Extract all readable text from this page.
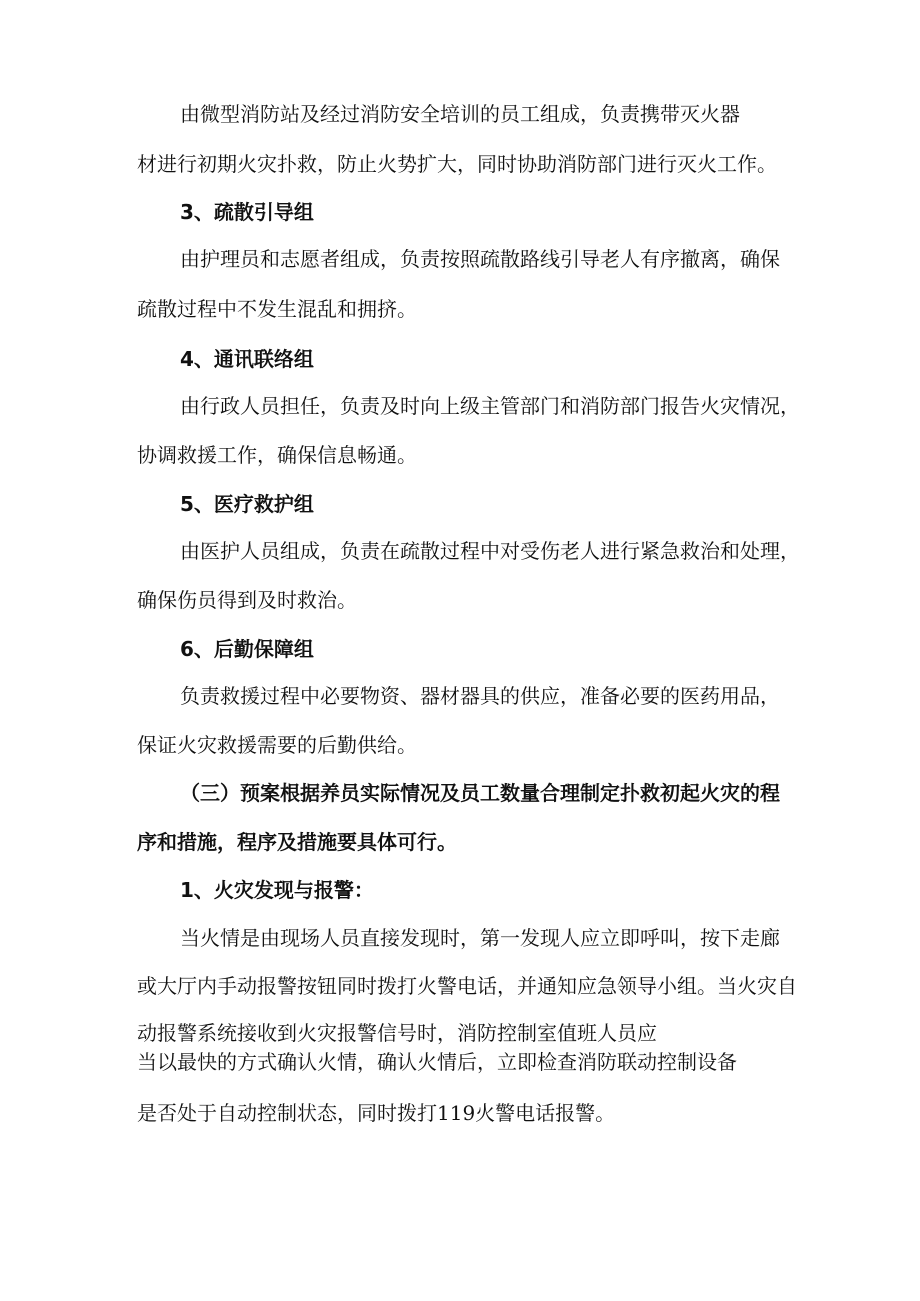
由微型消防站及经过消防安全培训的员工组成，负责携带灭火器
材进行初期火灾扑救，防止火势扩大，同时协助消防部门进行灭火工作。
3、疏散引导组
由护理员和志愿者组成，负责按照疏散路线引导老人有序撤离，确保
疏散过程中不发生混乱和拥挤。
4、通讯联络组
由行政人员担任，负责及时向上级主管部门和消防部门报告火灾情况，
协调救援工作，确保信息畅通。
5、医疗救护组
由医护人员组成，负责在疏散过程中对受伤老人进行紧急救治和处理，
确保伤员得到及时救治。
6、后勤保障组
负责救援过程中必要物资、器材器具的供应，准备必要的医药用品，
保证火灾救援需要的后勤供给。
（三）预案根据养员实际情况及员工数量合理制定扑救初起火灾的程
序和措施，程序及措施要具体可行。
1、火灾发现与报警：
当火情是由现场人员直接发现时，第一发现人应立即呼叫，按下走廊
或大厅内手动报警按钮同时拨打火警电话，并通知应急领导小组。当火灾自
动报警系统接收到火灾报警信号时，消防控制室值班人员应
当以最快的方式确认火情，确认火情后，立即检查消防联动控制设备
是否处于自动控制状态，同时拨打119火警电话报警。
